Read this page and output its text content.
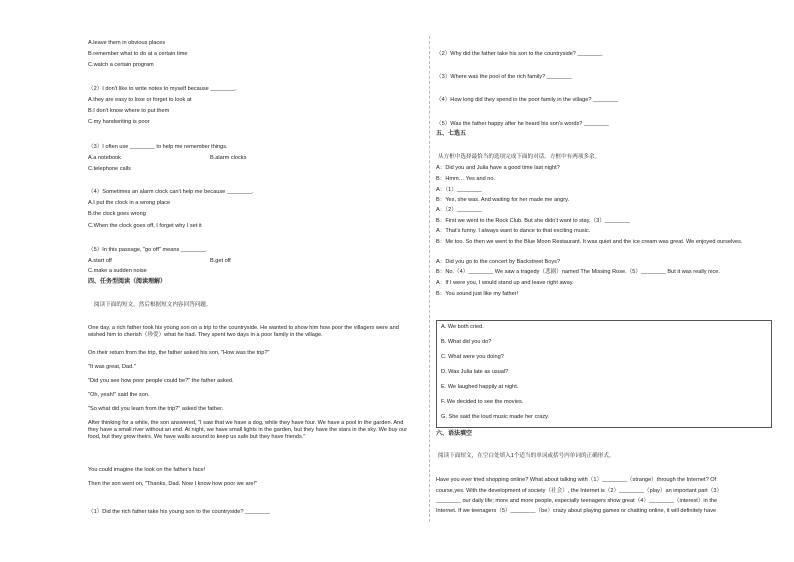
A.leave them in obvious places
B.remember what to do at a certain time
C.watch a certain program
（2）I don't like to write notes to myself because ________.
A.they are easy to lose or forget to look at
B.I don't know where to put them
C.my handwriting is poor
（3）I often use ________ to help me remember things.
A.a notebook	B.alarm clocks
C.telephone calls
（4）Sometimes an alarm clock can't help me because ________.
A.I put the clock in a wrong place
B.the clock goes wrong
C.When the clock goes off, I forget why I set it
（5）In this passage, "go off" means ________.
A.start off	B.get off
C.make a sudden noise
四、任务型阅读（阅读理解）
阅读下面的短文，然后根据短文内容回答问题。
One day, a rich father took his young son on a trip to the countryside. He wanted to show him how poor the villagers were and wished him to cherish（珍爱）what he had. They spent two days in a poor family in the village.
On their return from the trip, the father asked his son, "How was the trip?"
"It was great, Dad."
"Did you see how poor people could be?" the father asked.
"Oh, yeah!" said the son.
"So what did you learn from the trip?" asked the father.
After thinking for a while, the son answered, "I saw that we have a dog, while they have four. We have a pool in the garden. And they have a small river without an end. At night, we have small lights in the garden, but they have the stars in the sky. We buy our food, but they grow theirs. We have walls around to keep us safe but they have friends."
You could imagine the look on the father's face!
Then the son went on, "Thanks, Dad. Now I know how poor we are!"
（1）Did the rich father take his young son to the countryside? ________
（2）Why did the father take his son to the countryside? ________
（3）Where was the pool of the rich family? ________
（4）How long did they spend in the poor family in the village? ________
（5）Was the father happy after he heard his son's words? ________
五、七选五
从方框中选择最恰当的选项完成下面的对话。方框中有两项多余。
A：Did you and Julia have a good time last night?
B：Hmm… Yes and no.
A：（1）________
B：Yes, she was. And waiting for her made me angry.
A：（2）________
B：First we went to the Rock Club. But she didn't want to stay.（3）________
A：That's funny. I always want to dance to that exciting music.
B：Me too. So then we went to the Blue Moon Restaurant. It was quiet and the ice cream was great. We enjoyed ourselves.
A：Did you go to the concert by Backstreet Boys?
B：No.（4）________ We saw a tragedy（悲剧）named The Missing Rose.（5）________ But it was really nice.
A：If I were you, I would stand up and leave right away.
B：You sound just like my father!
A. We both cried.
B. What did you do?
C. What were you doing?
D. Was Julia late as usual?
E. We laughed happily at night.
F. We decided to see the movies.
G. She said the loud music made her crazy.
六、语法填空
阅读下面短文，在空白处填入1个适当的单词或括号内单词的正确形式。
Have you ever tried shopping online? What about talking with（1）________（strange）through the Internet? Of
course,yes. With the development of society（社会）, the Internet is（2）________（play）an important part（3）
________ our daily life; more and more people, especially teenagers show great（4）________（interest）in the
Internet. If we teenagers（5）________（be）crazy about playing games or chatting online, it will definitely have
